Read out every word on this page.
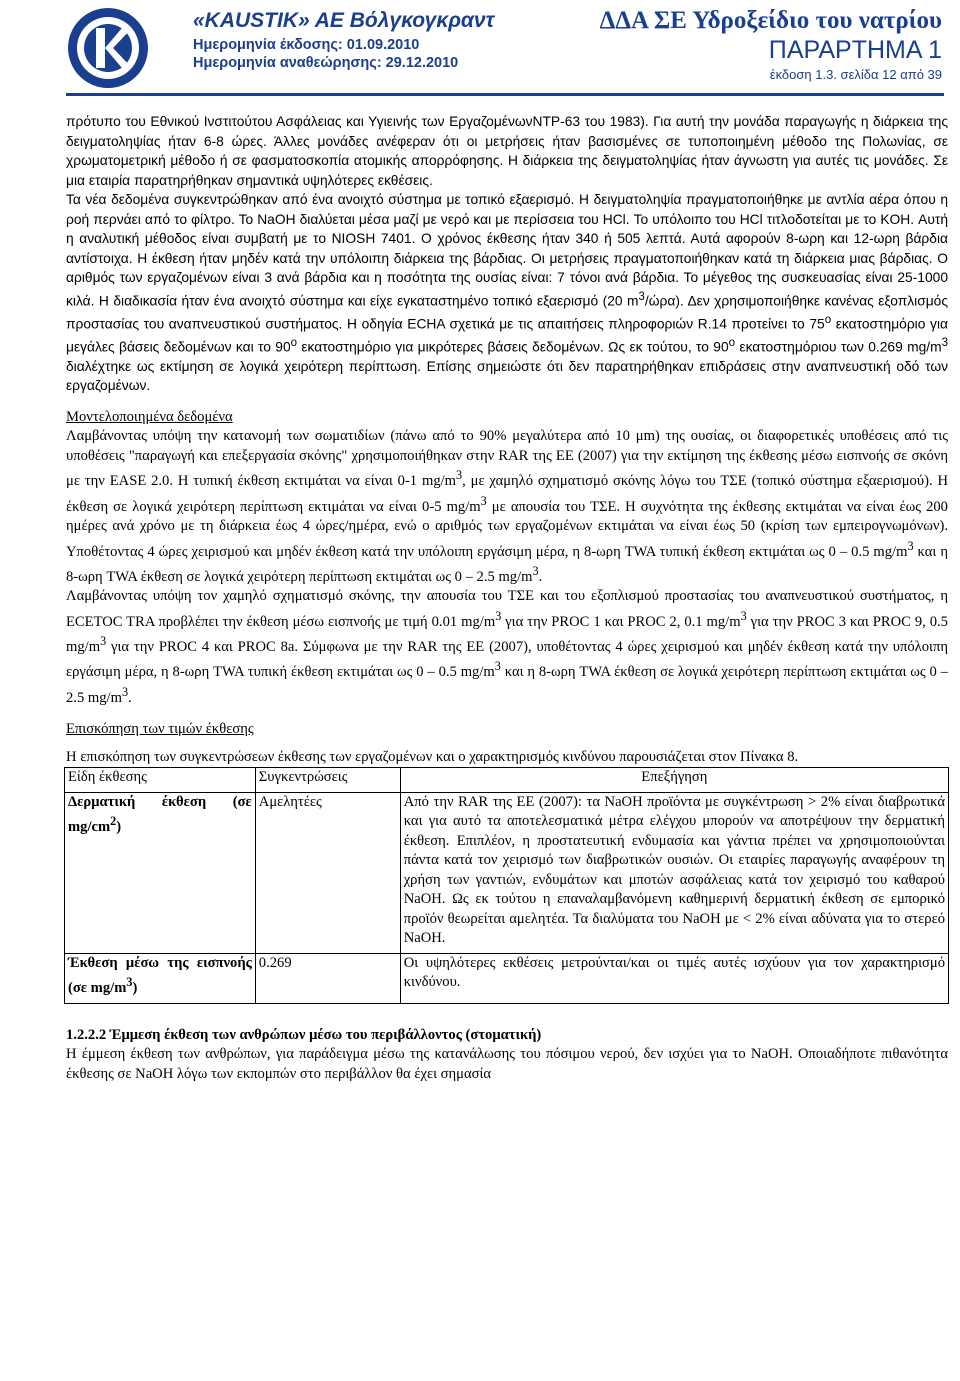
«KAUSTIK» AE Βόλγκογκραντ
Ημερομηνία έκδοσης: 01.09.2010
Ημερομηνία αναθεώρησης: 29.12.2010
ΔΔΑ ΣΕ Υδροξείδιο του νατρίου
ΠΑΡΑΡΤΗΜΑ 1
έκδοση 1.3. σελίδα 12 από 39

πρότυπο του Εθνικού Ινστιτούτου Ασφάλειας και Υγιεινής των ΕργαζομένωνNTP-63 του 1983). Για αυτή την μονάδα παραγωγής η διάρκεια της δειγματοληψίας ήταν 6-8 ώρες. Άλλες μονάδες ανέφεραν ότι οι μετρήσεις ήταν βασισμένες σε τυποποιημένη μέθοδο της Πολωνίας, σε χρωματομετρική μέθοδο ή σε φασματοσκοπία ατομικής απορρόφησης. Η διάρκεια της δειγματοληψίας ήταν άγνωστη για αυτές τις μονάδες. Σε μια εταιρία παρατηρήθηκαν σημαντικά υψηλότερες εκθέσεις.

Τα νέα δεδομένα συγκεντρώθηκαν από ένα ανοιχτό σύστημα με τοπικό εξαερισμό. Η δειγματοληψία πραγματοποιήθηκε με αντλία αέρα όπου η ροή περνάει από το φίλτρο. Το NaOH διαλύεται μέσα μαζί με νερό και με περίσσεια του HCl. Το υπόλοιπο του HCl τιτλοδοτείται με το KOH. Αυτή η αναλυτική μέθοδος είναι συμβατή με το NIOSH 7401. Ο χρόνος έκθεσης ήταν 340 ή 505 λεπτά. Αυτά αφορούν 8-ωρη και 12-ωρη βάρδια αντίστοιχα. Η έκθεση ήταν μηδέν κατά την υπόλοιπη διάρκεια της βάρδιας. Οι μετρήσεις πραγματοποιήθηκαν κατά τη διάρκεια μιας βάρδιας. Ο αριθμός των εργαζομένων είναι 3 ανά βάρδια και η ποσότητα της ουσίας είναι: 7 τόνοι ανά βάρδια. Το μέγεθος της συσκευασίας είναι 25-1000 κιλά. Η διαδικασία ήταν ένα ανοιχτό σύστημα και είχε εγκαταστημένο τοπικό εξαερισμό (20 $m^3/ώ\rho\alpha$). Δεν χρησιμοποιήθηκε κανένας εξοπλισμός προστασίας του αναπνευστικού συστήματος. Η οδηγία ECHA σχετικά με τις απαιτήσεις πληροφοριών R.14 προτείνει το $75^o$ εκατοστημόριο για μεγάλες βάσεις δεδομένων και το $90^o$ εκατοστημόριο για μικρότερες βάσεις δεδομένων. Ως εκ τούτου, το $90^o$ εκατοστημόριου των 0.269 $mg/m^3$ διαλέχτηκε ως εκτίμηση σε λογικά χειρότερη περίπτωση. Επίσης σημειώστε ότι δεν παρατηρήθηκαν επιδράσεις στην αναπνευστική οδό των εργαζομένων.

Μοντελοποιημένα δεδομένα

Λαμβάνοντας υπόψη την κατανομή των σωματιδίων (πάνω από το 90% μεγαλύτερα από 10 μm) της ουσίας, οι διαφορετικές υποθέσεις από τις υποθέσεις "παραγωγή και επεξεργασία σκόνης" χρησιμοποιήθηκαν στην RAR της ΕΕ (2007) για την εκτίμηση της έκθεσης μέσω εισπνοής σε σκόνη με την EASE 2.0. Η τυπική έκθεση εκτιμάται να είναι 0-1 $mg/m^3$, με χαμηλό σχηματισμό σκόνης λόγω του ΤΣΕ (τοπικό σύστημα εξαερισμού). Η έκθεση σε λογικά χειρότερη περίπτωση εκτιμάται να είναι 0-5 $mg/m^3$ με απουσία του ΤΣΕ. Η συχνότητα της έκθεσης εκτιμάται να είναι έως 200 ημέρες ανά χρόνο με τη διάρκεια έως 4 ώρες/ημέρα, ενώ ο αριθμός των εργαζομένων εκτιμάται να είναι έως 50 (κρίση των εμπειρογνωμόνων). Υποθέτοντας 4 ώρες χειρισμού και μηδέν έκθεση κατά την υπόλοιπη εργάσιμη μέρα, η 8-ωρη TWA τυπική έκθεση εκτιμάται ως 0 – 0.5 $mg/m^3$ και η 8-ωρη TWA έκθεση σε λογικά χειρότερη περίπτωση εκτιμάται ως 0 – 2.5 $mg/m^3$.

Λαμβάνοντας υπόψη τον χαμηλό σχηματισμό σκόνης, την απουσία του ΤΣΕ και του εξοπλισμού προστασίας του αναπνευστικού συστήματος, η ECETOC TRA προβλέπει την έκθεση μέσω εισπνοής με τιμή 0.01 $mg/m^3$ για την PROC 1 και PROC 2, 0.1 $mg/m^3$ για την PROC 3 και PROC 9, 0.5 $mg/m^3$ για την PROC 4 και PROC 8a. Σύμφωνα με την RAR της ΕΕ (2007), υποθέτοντας 4 ώρες χειρισμού και μηδέν έκθεση κατά την υπόλοιπη εργάσιμη μέρα, η 8-ωρη TWA τυπική έκθεση εκτιμάται ως 0 – 0.5 $mg/m^3$ και η 8-ωρη TWA έκθεση σε λογικά χειρότερη περίπτωση εκτιμάται ως 0 – 2.5 $mg/m^3$.

Επισκόπηση των τιμών έκθεσης

Η επισκόπηση των συγκεντρώσεων έκθεσης των εργαζομένων και ο χαρακτηρισμός κινδύνου παρουσιάζεται στον Πίνακα 8.

Είδη έκθεσης	Συγκεντρώσεις	Επεξήγηση
Δερματική έκθεση (σε $mg/cm^2$)	Αμελητέες	Από την RAR της ΕΕ (2007): τα NaOH προϊόντα με συγκέντρωση > 2% είναι διαβρωτικά και για αυτό τα αποτελεσματικά μέτρα ελέγχου μπορούν να αποτρέψουν την δερματική έκθεση. Επιπλέον, η προστατευτική ενδυμασία και γάντια πρέπει να χρησιμοποιούνται πάντα κατά τον χειρισμό των διαβρωτικών ουσιών. Οι εταιρίες παραγωγής αναφέρουν τη χρήση των γαντιών, ενδυμάτων και μποτών ασφάλειας κατά τον χειρισμό του καθαρού NaOH. Ως εκ τούτου η επαναλαμβανόμενη καθημερινή δερματική έκθεση σε εμπορικό προϊόν θεωρείται αμελητέα. Τα διαλύματα του NaOH με < 2% είναι αδύνατα για το στερεό NaOH.
Έκθεση μέσω της εισπνοής (σε $mg/m^3$)	0.269	Οι υψηλότερες εκθέσεις μετρούνται/και οι τιμές αυτές ισχύουν για τον χαρακτηρισμό κινδύνου.

1.2.2.2 Έμμεση έκθεση των ανθρώπων μέσω του περιβάλλοντος (στοματική)

Η έμμεση έκθεση των ανθρώπων, για παράδειγμα μέσω της κατανάλωσης του πόσιμου νερού, δεν ισχύει για το NaOH. Οποιαδήποτε πιθανότητα έκθεσης σε NaOH λόγω των εκπομπών στο περιβάλλον θα έχει σημασία
